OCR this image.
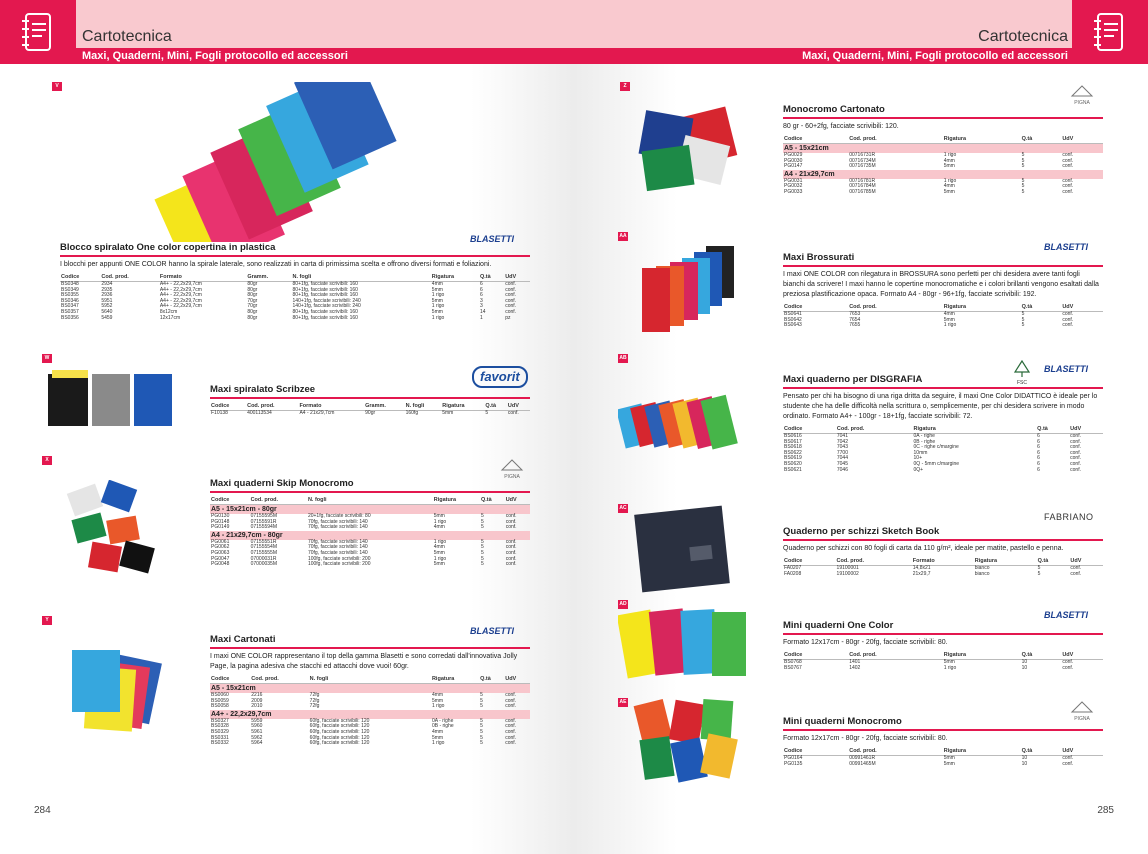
Cartotecnica
Maxi, Quaderni, Mini, Fogli protocollo ed accessori
V
BLASETTI
Blocco spiralato One color copertina in plastica
I blocchi per appunti ONE COLOR hanno la spirale laterale, sono realizzati in carta di primissima scelta e offrono diversi formati e foliazioni.
Codice	Cod. prod.	Formato	Gramm.	N. fogli	Rigatura	Q.tà	UdV
BS0348	2934	A4+ - 22,2x29,7cm	80gr	80+1fg, facciate scrivibili: 160	4mm	6	conf.
BS0349	2935	A4+ - 22,2x29,7cm	80gr	80+1fg, facciate scrivibili: 160	5mm	6	conf.
BS0355	2936	A4+ - 22,2x29,7cm	80gr	80+1fg, facciate scrivibili: 160	1 rigo	6	conf.
BS0346	5951	A4+ - 22,2x29,7cm	70gr	140+1fg, facciate scrivibili: 240	5mm	3	conf.
BS0347	5952	A4+ - 22,2x29,7cm	70gr	140+1fg, facciate scrivibili: 240	1 rigo	3	conf.
BS0357	5640	8x12cm	80gr	80+1fg, facciate scrivibili: 160	5mm	14	conf.
BS0356	5459	12x17cm	80gr	80+1fg, facciate scrivibili: 160	1 rigo	1	pz
W
favorit
Maxi spiralato Scribzee
Codice	Cod. prod.	Formato	Gramm.	N. fogli	Rigatura	Q.tà	UdV
F10138	400113534	A4 - 21x29,7cm	90gr	160fg	5mm	5	conf.
X
PIGNA
Maxi quaderni Skip Monocromo
Codice	Cod. prod.	N. fogli	Rigatura	Q.tà	UdV
A5 - 15x21cm - 80gr					
PG0130	07155595M	20+1fg, facciate scrivibili: 80	5mm	5	conf.
PG0148	07155591R	70fg, facciate scrivibili: 140	1 rigo	5	conf.
PG0149	07155594M	70fg, facciate scrivibili: 140	4mm	5	conf.
A4 - 21x29,7cm - 80gr					
PG0061	07155551R	70fg, facciate scrivibili: 140	1 rigo	5	conf.
PG0062	07155554M	70fg, facciate scrivibili: 140	4mm	5	conf.
PG0063	07155555M	70fg, facciate scrivibili: 140	5mm	5	conf.
PG0047	07000031R	100fg, facciate scrivibili: 200	1 rigo	5	conf.
PG0048	07000035M	100fg, facciate scrivibili: 200	5mm	5	conf.
Y
BLASETTI
Maxi Cartonati
I maxi ONE COLOR rappresentano il top della gamma Blasetti e sono corredati dall'innovativa Jolly Page, la pagina adesiva che stacchi ed attacchi dove vuoi! 60gr.
Codice	Cod. prod.	N. fogli	Rigatura	Q.tà	UdV
A5 - 15x21cm					
BS0060	2216	72fg	4mm	5	conf.
BS0059	2009	72fg	5mm	5	conf.
BS0058	2010	72fg	1 rigo	5	conf.
A4+ - 22,2x29,7cm					
BS0327	5959	60fg, facciate scrivibili: 120	0A - righe	5	conf.
BS0328	5960	60fg, facciate scrivibili: 120	0B - righe	5	conf.
BS0329	5961	60fg, facciate scrivibili: 120	4mm	5	conf.
BS0331	5962	60fg, facciate scrivibili: 120	5mm	5	conf.
BS0332	5964	60fg, facciate scrivibili: 120	1 rigo	5	conf.
284
Cartotecnica
Maxi, Quaderni, Mini, Fogli protocollo ed accessori
Z
PIGNA
Monocromo Cartonato
80 gr - 60+2fg, facciate scrivibili: 120.
Codice	Cod. prod.	Rigatura	Q.tà	UdV
A5 - 15x21cm				
PG0029	00716731R	1 rigo	5	conf.
PG0030	00716734M	4mm	5	conf.
PG0147	00716735M	5mm	5	conf.
A4 - 21x29,7cm				
PG0031	00716781R	1 rigo	5	conf.
PG0032	00716784M	4mm	5	conf.
PG0033	00716785M	5mm	5	conf.
AA
BLASETTI
Maxi Brossurati
I maxi ONE COLOR con rilegatura in BROSSURA sono perfetti per chi desidera avere tanti fogli bianchi da scrivere! I maxi hanno le copertine monocromatiche e i colori brillanti vengono esaltati dalla preziosa plastificazione opaca. Formato A4 - 80gr - 96+1fg, facciate scrivibili: 192.
Codice	Cod. prod.	Rigatura	Q.tà	UdV
BS0641	7653	4mm	5	conf.
BS0642	7654	5mm	5	conf.
BS0643	7655	1 rigo	5	conf.
AB
FSC
BLASETTI
Maxi quaderno per DISGRAFIA
Pensato per chi ha bisogno di una riga dritta da seguire, il maxi One Color DIDATTICO è ideale per lo studente che ha delle difficoltà nella scrittura o, semplicemente, per chi desidera scrivere in modo ordinato. Formato A4+ - 100gr - 18+1fg, facciate scrivibili: 72.
Codice	Cod. prod.	Rigatura	Q.tà	UdV
BS0616	7041	0A - righe	6	conf.
BS0617	7042	0B - righe	6	conf.
BS0618	7043	0C - righe c/margine	6	conf.
BS0622	7700	10mm	6	conf.
BS0619	7044	10+	6	conf.
BS0620	7045	0Q - 5mm c/margine	6	conf.
BS0621	7046	0Q+	6	conf.
AC
FABRIANO
Quaderno per schizzi Sketch Book
Quaderno per schizzi con 80 fogli di carta da 110 g/m², ideale per matite, pastello e penna.
Codice	Cod. prod.	Formato	Rigatura	Q.tà	UdV
FA0207	19100001	14,8x21	bianco	5	conf.
FA0208	19100002	21x29,7	bianco	5	conf.
AD
BLASETTI
Mini quaderni One Color
Formato 12x17cm - 80gr - 20fg, facciate scrivibili: 80.
Codice	Cod. prod.	Rigatura	Q.tà	UdV
BS0768	1401	5mm	10	conf.
BS0767	1402	1 rigo	10	conf.
AE
PIGNA
Mini quaderni Monocromo
Formato 12x17cm - 80gr - 20fg, facciate scrivibili: 80.
Codice	Cod. prod.	Rigatura	Q.tà	UdV
PG0164	00991461R	5mm	10	conf.
PG0135	00991465M	5mm	10	conf.
285
